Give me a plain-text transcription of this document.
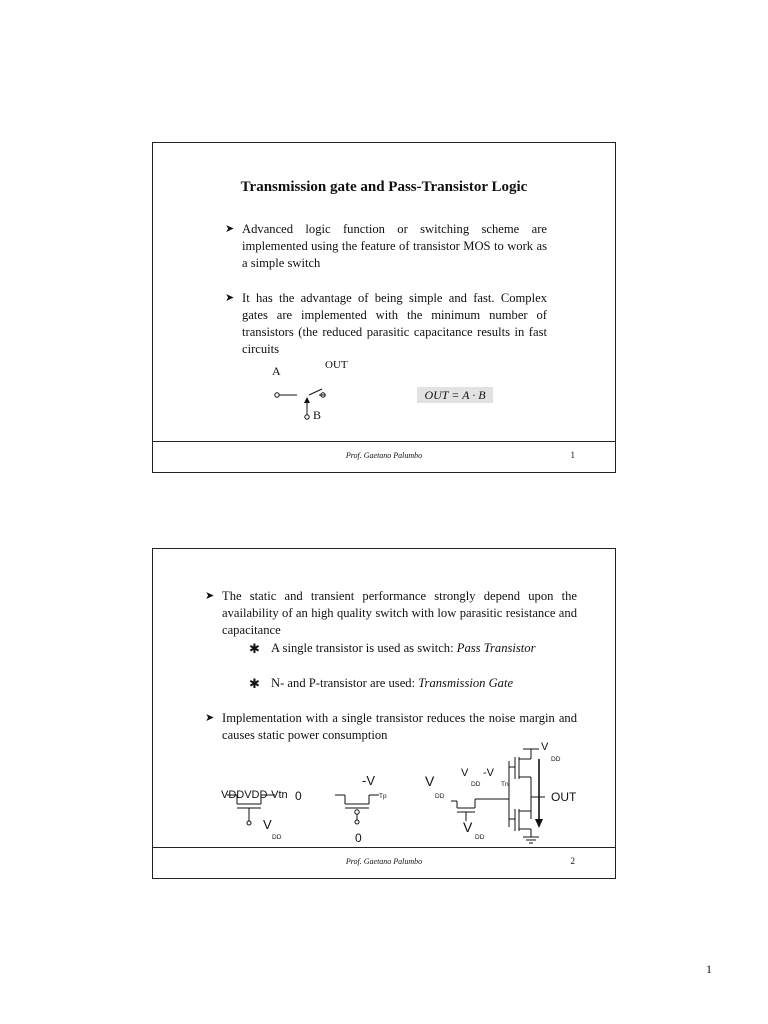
Transmission gate and Pass-Transistor Logic
➤ Advanced logic function or switching scheme are implemented using the feature of transistor MOS to work as a simple switch
➤ It has the advantage of being simple and fast. Complex gates are implemented with the minimum number of transistors (the reduced parasitic capacitance results in fast circuits
A	OUT
B
OUT = A · B
Prof. Gaetano Palumbo	1
➤ The static and transient performance strongly depend upon the availability of an high quality switch with low parasitic resistance and capacitance
✱ A single transistor is used as switch: Pass Transistor
✱ N- and P-transistor are used: Transmission Gate
➤ Implementation with a single transistor reduces the noise margin and causes static power consumption
VDDVDD-Vtn 0
V
DD
-V
Tp
0
V
DD
V
DD
-V
Tn
V
DD
OUT
V
DD
Prof. Gaetano Palumbo	2
1
